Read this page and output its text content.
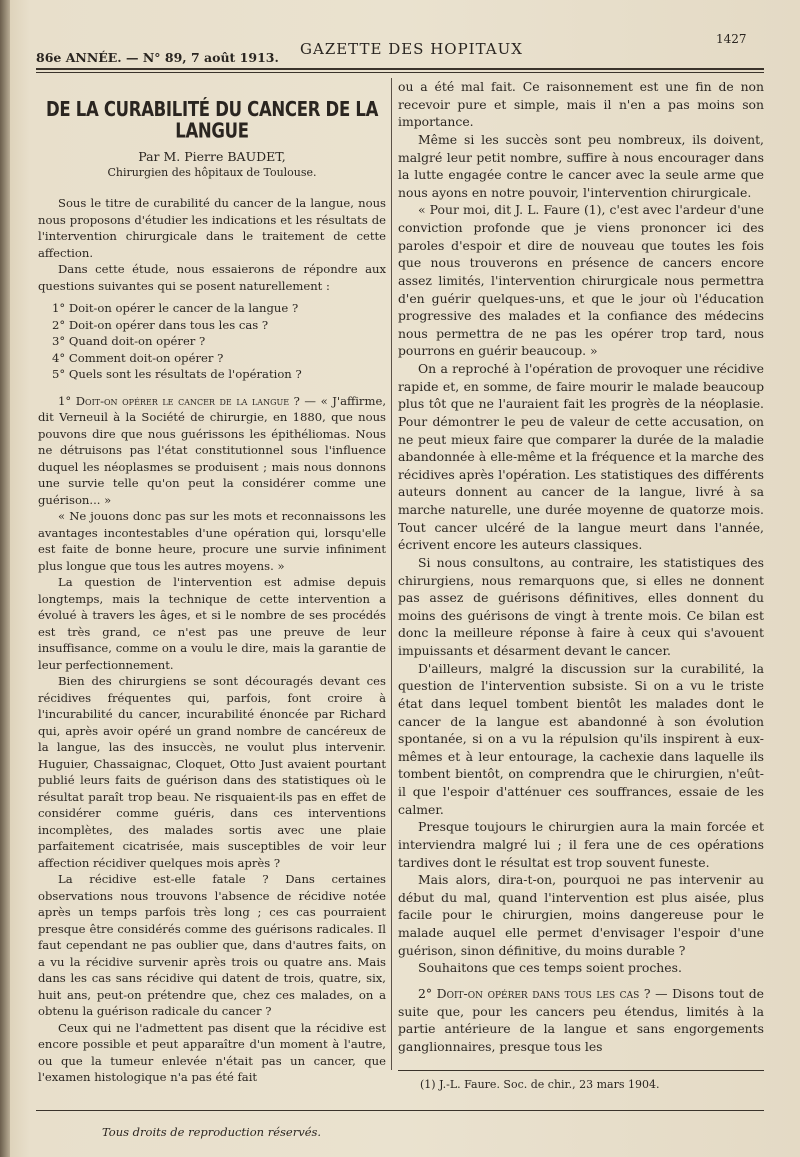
86e ANNÉE. — N° 89, 7 août 1913. GAZETTE DES HOPITAUX
1427
DE LA CURABILITÉ DU CANCER DE LA LANGUE
Par M. Pierre BAUDET,
Chirurgien des hôpitaux de Toulouse.

Sous le titre de curabilité du cancer de la langue, nous nous proposons d'étudier les indications et les résultats de l'intervention chirurgicale dans le traitement de cette affection.

Dans cette étude, nous essaierons de répondre aux questions suivantes qui se posent naturellement :

1° Doit-on opérer le cancer de la langue ?

2° Doit-on opérer dans tous les cas ?

3° Quand doit-on opérer ?

4° Comment doit-on opérer ?

5° Quels sont les résultats de l'opération ?

1° Doit-on opérer le cancer de la langue ? — « J'affirme, dit Verneuil à la Société de chirurgie, en 1880, que nous pouvons dire que nous guérissons les épithéliomas. Nous ne détruisons pas l'état constitutionnel sous l'influence duquel les néoplasmes se produisent ; mais nous donnons une survie telle qu'on peut la considérer comme une guérison... »

« Ne jouons donc pas sur les mots et reconnaissons les avantages incontestables d'une opération qui, lorsqu'elle est faite de bonne heure, procure une survie infiniment plus longue que tous les autres moyens. »

La question de l'intervention est admise depuis longtemps, mais la technique de cette intervention a évolué à travers les âges, et si le nombre de ses procédés est très grand, ce n'est pas une preuve de leur insuffisance, comme on a voulu le dire, mais la garantie de leur perfectionnement.

Bien des chirurgiens se sont découragés devant ces récidives fréquentes qui, parfois, font croire à l'incurabilité du cancer, incurabilité énoncée par Richard qui, après avoir opéré un grand nombre de cancéreux de la langue, las des insuccès, ne voulut plus intervenir. Huguier, Chassaignac, Cloquet, Otto Just avaient pourtant publié leurs faits de guérison dans des statistiques où le résultat paraît trop beau. Ne risquaient-ils pas en effet de considérer comme guéris, dans ces interventions incomplètes, des malades sortis avec une plaie parfaitement cicatrisée, mais susceptibles de voir leur affection récidiver quelques mois après ?

La récidive est-elle fatale ? Dans certaines observations nous trouvons l'absence de récidive notée après un temps parfois très long ; ces cas pourraient presque être considérés comme des guérisons radicales. Il faut cependant ne pas oublier que, dans d'autres faits, on a vu la récidive survenir après trois ou quatre ans. Mais dans les cas sans récidive qui datent de trois, quatre, six, huit ans, peut-on prétendre que, chez ces malades, on a obtenu la guérison radicale du cancer ?

Ceux qui ne l'admettent pas disent que la récidive est encore possible et peut apparaître d'un moment à l'autre, ou que la tumeur enlevée n'était pas un cancer, que l'examen histologique n'a pas été fait

ou a été mal fait. Ce raisonnement est une fin de non recevoir pure et simple, mais il n'en a pas moins son importance.

Même si les succès sont peu nombreux, ils doivent, malgré leur petit nombre, suffire à nous encourager dans la lutte engagée contre le cancer avec la seule arme que nous ayons en notre pouvoir, l'intervention chirurgicale.

« Pour moi, dit J. L. Faure (1), c'est avec l'ardeur d'une conviction profonde que je viens prononcer ici des paroles d'espoir et dire de nouveau que toutes les fois que nous trouverons en présence de cancers encore assez limités, l'intervention chirurgicale nous permettra d'en guérir quelques-uns, et que le jour où l'éducation progressive des malades et la confiance des médecins nous permettra de ne pas les opérer trop tard, nous pourrons en guérir beaucoup. »

On a reproché à l'opération de provoquer une récidive rapide et, en somme, de faire mourir le malade beaucoup plus tôt que ne l'auraient fait les progrès de la néoplasie. Pour démontrer le peu de valeur de cette accusation, on ne peut mieux faire que comparer la durée de la maladie abandonnée à elle-même et la fréquence et la marche des récidives après l'opération. Les statistiques des différents auteurs donnent au cancer de la langue, livré à sa marche naturelle, une durée moyenne de quatorze mois. Tout cancer ulcéré de la langue meurt dans l'année, écrivent encore les auteurs classiques.

Si nous consultons, au contraire, les statistiques des chirurgiens, nous remarquons que, si elles ne donnent pas assez de guérisons définitives, elles donnent du moins des guérisons de vingt à trente mois. Ce bilan est donc la meilleure réponse à faire à ceux qui s'avouent impuissants et désarment devant le cancer.

D'ailleurs, malgré la discussion sur la curabilité, la question de l'intervention subsiste. Si on a vu le triste état dans lequel tombent bientôt les malades dont le cancer de la langue est abandonné à son évolution spontanée, si on a vu la répulsion qu'ils inspirent à eux-mêmes et à leur entourage, la cachexie dans laquelle ils tombent bientôt, on comprendra que le chirurgien, n'eût-il que l'espoir d'atténuer ces souffrances, essaie de les calmer.

Presque toujours le chirurgien aura la main forcée et interviendra malgré lui ; il fera une de ces opérations tardives dont le résultat est trop souvent funeste.

Mais alors, dira-t-on, pourquoi ne pas intervenir au début du mal, quand l'intervention est plus aisée, plus facile pour le chirurgien, moins dangereuse pour le malade auquel elle permet d'envisager l'espoir d'une guérison, sinon définitive, du moins durable ?

Souhaitons que ces temps soient proches.

2° Doit-on opérer dans tous les cas ? — Disons tout de suite que, pour les cancers peu étendus, limités à la partie antérieure de la langue et sans engorgements ganglionnaires, presque tous les

(1) J.-L. Faure. Soc. de chir., 23 mars 1904.
Tous droits de reproduction réservés.
